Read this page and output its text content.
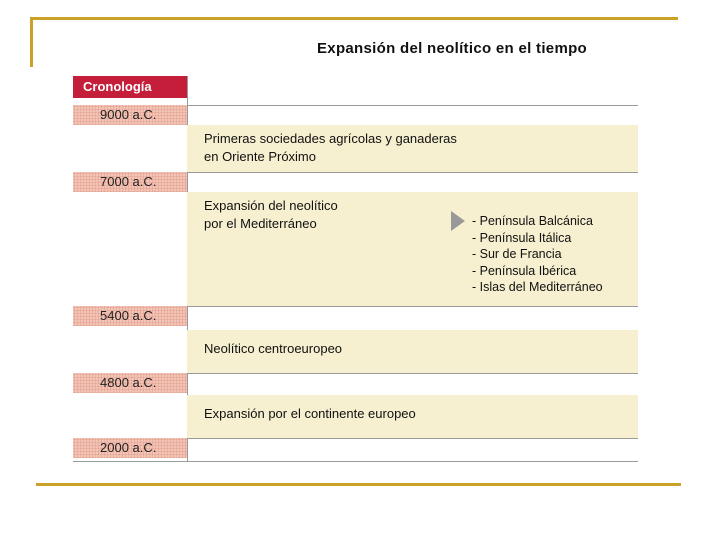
Expansión del neolítico en el tiempo
Cronología
9000 a.C.
7000 a.C.
5400 a.C.
4800 a.C.
2000 a.C.
Primeras sociedades agrícolas y ganaderas
en Oriente Próximo
Expansión del neolítico
por el Mediterráneo
Neolítico centroeuropeo
Expansión por el continente europeo
- Península Balcánica
- Península Itálica
- Sur de Francia
- Península Ibérica
- Islas del Mediterráneo
